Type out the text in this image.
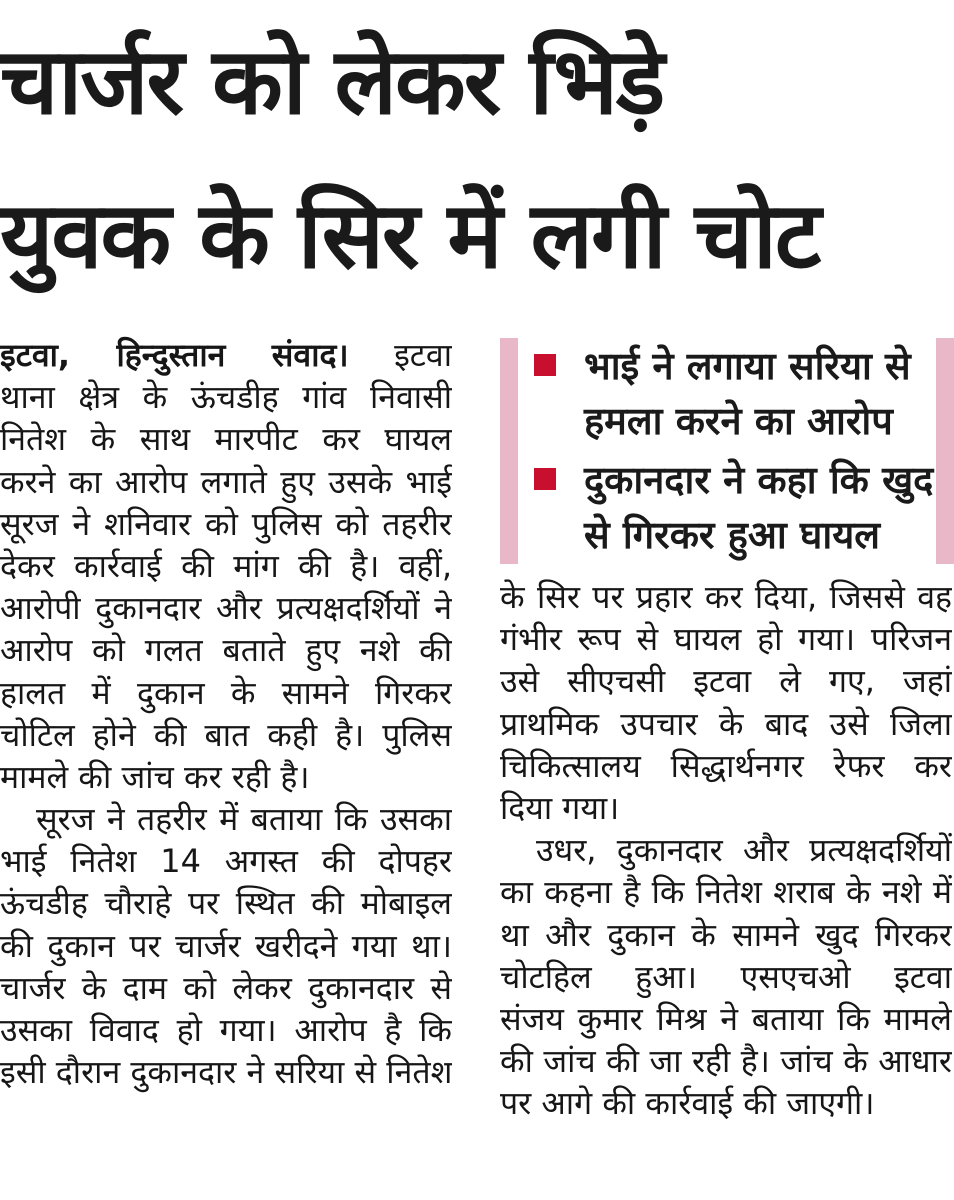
चार्जर को लेकर भिड़े
युवक के सिर में लगी चोट
इटवा, हिन्दुस्तान संवाद। इटवा
थाना क्षेत्र के ऊंचडीह गांव निवासी
नितेश के साथ मारपीट कर घायल
करने का आरोप लगाते हुए उसके भाई
सूरज ने शनिवार को पुलिस को तहरीर
देकर कार्रवाई की मांग की है। वहीं,
आरोपी दुकानदार और प्रत्यक्षदर्शियों ने
आरोप को गलत बताते हुए नशे की
हालत में दुकान के सामने गिरकर
चोटिल होने की बात कही है। पुलिस
मामले की जांच कर रही है।
सूरज ने तहरीर में बताया कि उसका
भाई नितेश 14 अगस्त की दोपहर
ऊंचडीह चौराहे पर स्थित की मोबाइल
की दुकान पर चार्जर खरीदने गया था।
चार्जर के दाम को लेकर दुकानदार से
उसका विवाद हो गया। आरोप है कि
इसी दौरान दुकानदार ने सरिया से नितेश
भाई ने लगाया सरिया से
हमला करने का आरोप
दुकानदार ने कहा कि खुद
से गिरकर हुआ घायल
के सिर पर प्रहार कर दिया, जिससे वह
गंभीर रूप से घायल हो गया। परिजन
उसे सीएचसी इटवा ले गए, जहां
प्राथमिक उपचार के बाद उसे जिला
चिकित्सालय सिद्धार्थनगर रेफर कर
दिया गया।
उधर, दुकानदार और प्रत्यक्षदर्शियों
का कहना है कि नितेश शराब के नशे में
था और दुकान के सामने खुद गिरकर
चोटहिल हुआ। एसएचओ इटवा
संजय कुमार मिश्र ने बताया कि मामले
की जांच की जा रही है। जांच के आधार
पर आगे की कार्रवाई की जाएगी।
